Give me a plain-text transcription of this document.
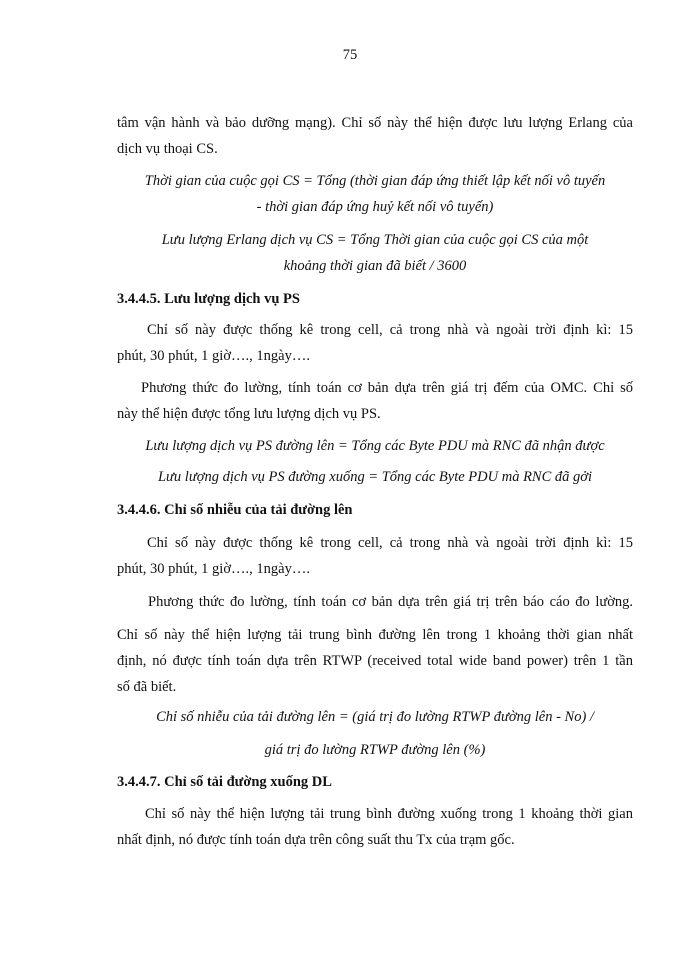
75
tâm vận hành và bảo dưỡng mạng). Chỉ số này thể hiện được lưu lượng Erlang của
dịch vụ thoại CS.
Thời gian của cuộc gọi CS = Tổng (thời gian đáp ứng thiết lập kết nối vô tuyến
- thời gian đáp ứng huỷ kết nối vô tuyến)
Lưu lượng Erlang dịch vụ CS = Tổng Thời gian của cuộc gọi CS của một
khoảng thời gian đã biết / 3600
3.4.4.5. Lưu lượng dịch vụ PS
Chỉ số này được thống kê trong cell, cả trong nhà và ngoài trời định kì: 15
phút, 30 phút, 1 giờ…., 1ngày….
Phương thức đo lường, tính toán cơ bản dựa trên giá trị đếm của OMC. Chỉ số
này thể hiện được tổng lưu lượng dịch vụ PS.
Lưu lượng dịch vụ PS đường lên = Tổng các Byte PDU mà RNC đã nhận được
Lưu lượng dịch vụ PS đường xuống = Tổng các Byte PDU mà RNC đã gởi
3.4.4.6. Chỉ số nhiễu của tải đường lên
Chỉ số này được thống kê trong cell, cả trong nhà và ngoài trời định kì: 15
phút, 30 phút, 1 giờ…., 1ngày….
Phương thức đo lường, tính toán cơ bản dựa trên giá trị trên báo cáo đo lường.
Chỉ số này thể hiện lượng tải trung bình đường lên trong 1 khoảng thời gian nhất
định, nó được tính toán dựa trên RTWP (received total wide band power) trên 1 tần
số đã biết.
Chỉ số nhiễu của tải đường lên = (giá trị đo lường RTWP đường lên - No) /
giá trị đo lường RTWP đường lên (%)
3.4.4.7. Chỉ số tải đường xuống DL
Chỉ số này thể hiện lượng tải trung bình đường xuống trong 1 khoảng thời gian
nhất định, nó được tính toán dựa trên công suất thu Tx của trạm gốc.
